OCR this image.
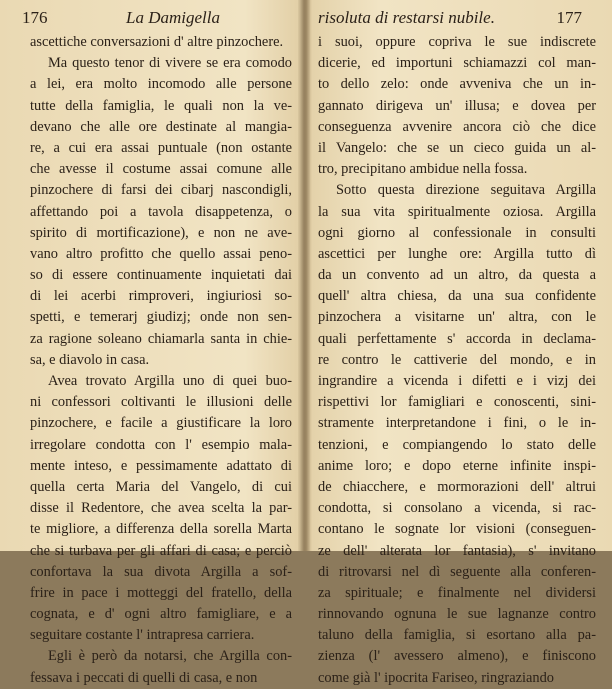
176	La Damigella
ascettiche conversazioni d' altre pinzochere.
Ma questo tenor di vivere se era comodo
a lei, era molto incomodo alle persone
tutte della famiglia, le quali non la ve-
devano che alle ore destinate al mangia-
re, a cui era assai puntuale (non ostante
che avesse il costume assai comune alle
pinzochere di farsi dei cibarj nascondigli,
affettando poi a tavola disappetenza, o
spirito di mortificazione), e non ne ave-
vano altro profitto che quello assai peno-
so di essere continuamente inquietati dai
di lei acerbi rimproveri, ingiuriosi so-
spetti, e temerarj giudizj; onde non sen-
za ragione soleano chiamarla santa in chie-
sa, e diavolo in casa.
Avea trovato Argilla uno di quei buo-
ni confessori coltivanti le illusioni delle
pinzochere, e facile a giustificare la loro
irregolare condotta con l' esempio mala-
mente inteso, e pessimamente adattato di
quella certa Maria del Vangelo, di cui
disse il Redentore, che avea scelta la par-
te migliore, a differenza della sorella Marta
che si turbava per gli affari di casa; e perciò
confortava la sua divota Argilla a sof-
frire in pace i motteggi del fratello, della
cognata, e d' ogni altro famigliare, e a
seguitare costante l' intrapresa carriera.
Egli è però da notarsi, che Argilla con-
fessava i peccati di quelli di casa, e non
risoluta di restarsi nubile.	177
i suoi, oppure copriva le sue indiscrete
dicerie, ed importuni schiamazzi col man-
to dello zelo: onde avveniva che un in-
gannato dirigeva un' illusa; e dovea per
conseguenza avvenire ancora ciò che dice
il Vangelo: che se un cieco guida un al-
tro, precipitano ambidue nella fossa.
Sotto questa direzione seguitava Argilla
la sua vita spiritualmente oziosa. Argilla
ogni giorno al confessionale in consulti
ascettici per lunghe ore: Argilla tutto dì
da un convento ad un altro, da questa a
quell' altra chiesa, da una sua confidente
pinzochera a visitarne un' altra, con le
quali perfettamente s' accorda in declama-
re contro le cattiverie del mondo, e in
ingrandire a vicenda i difetti e i vizj dei
rispettivi lor famigliari e conoscenti, sini-
stramente interpretandone i fini, o le in-
tenzioni, e compiangendo lo stato delle
anime loro; e dopo eterne infinite inspi-
de chiacchere, e mormorazioni dell' altrui
condotta, si consolano a vicenda, si rac-
contano le sognate lor visioni (conseguen-
ze dell' alterata lor fantasia), s' invitano
di ritrovarsi nel dì seguente alla conferen-
za spirituale; e finalmente nel dividersi
rinnovando ognuna le sue lagnanze contro
taluno della famiglia, si esortano alla pa-
zienza (l' avessero almeno), e finiscono
come già l' ipocrita Fariseo, ringraziando
